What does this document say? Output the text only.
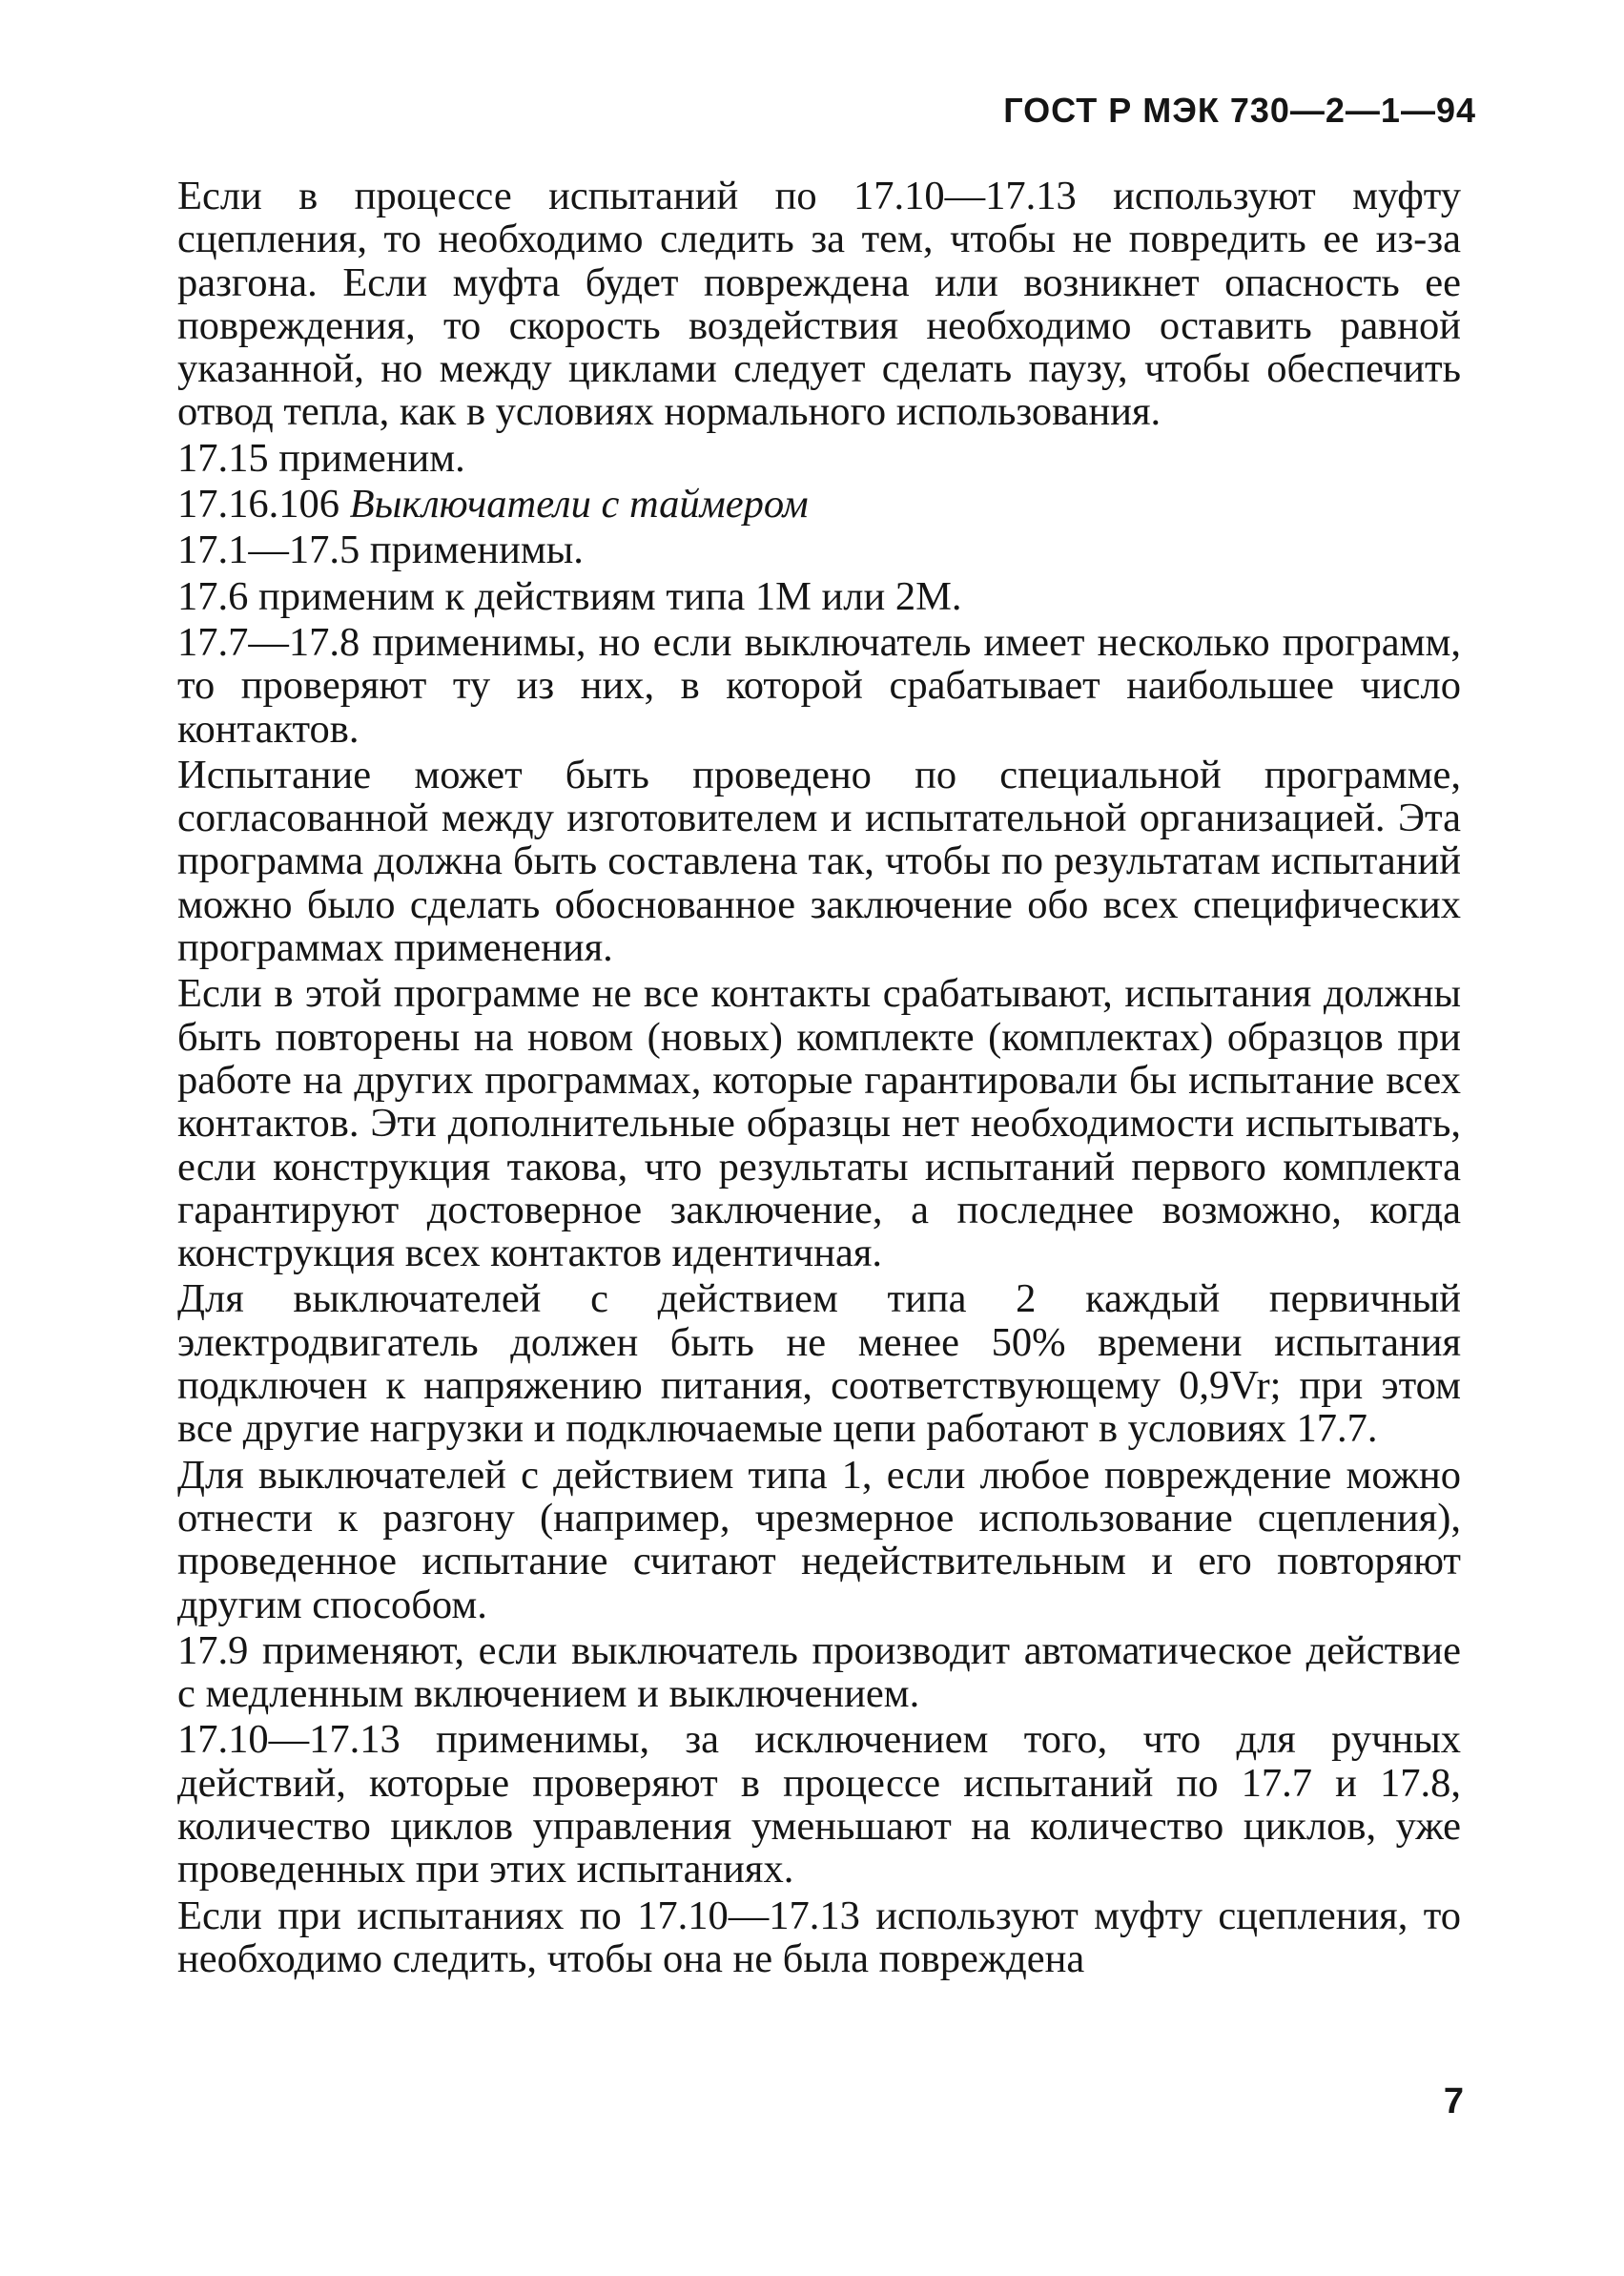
ГОСТ Р МЭК 730—2—1—94

Если в процессе испытаний по 17.10—17.13 используют муфту сцепления, то необходимо следить за тем, чтобы не повредить ее из-за разгона. Если муфта будет повреждена или возникнет опасность ее повреждения, то скорость воздействия необходимо оставить равной указанной, но между циклами следует сделать паузу, чтобы обеспечить отвод тепла, как в условиях нормального использования.

17.15 применим.

17.16.106 Выключатели с таймером

17.1—17.5 применимы.

17.6 применим к действиям типа 1М или 2М.

17.7—17.8 применимы, но если выключатель имеет несколько программ, то проверяют ту из них, в которой срабатывает наибольшее число контактов.

Испытание может быть проведено по специальной программе, согласованной между изготовителем и испытательной организацией. Эта программа должна быть составлена так, чтобы по результатам испытаний можно было сделать обоснованное заключение обо всех специфических программах применения.

Если в этой программе не все контакты срабатывают, испытания должны быть повторены на новом (новых) комплекте (комплектах) образцов при работе на других программах, которые гарантировали бы испытание всех контактов. Эти дополнительные образцы нет необходимости испытывать, если конструкция такова, что результаты испытаний первого комплекта гарантируют достоверное заключение, а последнее возможно, когда конструкция всех контактов идентичная.

Для выключателей с действием типа 2 каждый первичный электродвигатель должен быть не менее 50% времени испытания подключен к напряжению питания, соответствующему 0,9Vr; при этом все другие нагрузки и подключаемые цепи работают в условиях 17.7.

Для выключателей с действием типа 1, если любое повреждение можно отнести к разгону (например, чрезмерное использование сцепления), проведенное испытание считают недействительным и его повторяют другим способом.

17.9 применяют, если выключатель производит автоматическое действие с медленным включением и выключением.

17.10—17.13 применимы, за исключением того, что для ручных действий, которые проверяют в процессе испытаний по 17.7 и 17.8, количество циклов управления уменьшают на количество циклов, уже проведенных при этих испытаниях.

Если при испытаниях по 17.10—17.13 используют муфту сцепления, то необходимо следить, чтобы она не была повреждена

7
